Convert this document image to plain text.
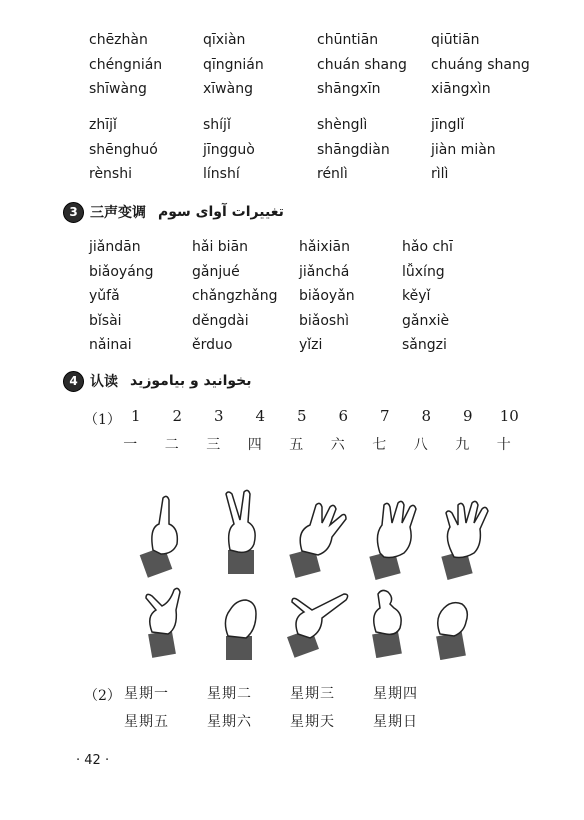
chēzhàn	qīxiàn	chūntiān	qiūtiān
chéngnián	qīngnián	chuán shang	chuáng shang
shīwàng	xīwàng	shāngxīn	xiāngxìn
zhījǐ	shíjǐ	shènglì	jīnglǐ
shēnghuó	jīngguò	shāngdiàn	jiàn miàn
rènshi	línshí	rénlì	rìlì
3 三声变调 تغييرات آواى سوم
jiǎndān	hǎi biān	hǎixiān	hǎo chī
biǎoyáng	gǎnjué	jiǎnchá	lǚxíng
yǔfǎ	chǎngzhǎng	biǎoyǎn	kěyǐ
bǐsài	děngdài	biǎoshì	gǎnxiè
nǎinai	ěrduo	yǐzi	sǎngzi
4 认读 بخوانيد و بياموزيد
（1） 1	2	3	4	5	6	7	8	9	10
一	二	三	四	五	六	七	八	九	十
（2） 星期一	星期二	星期三	星期四
星期五	星期六	星期天	星期日
· 42 ·
